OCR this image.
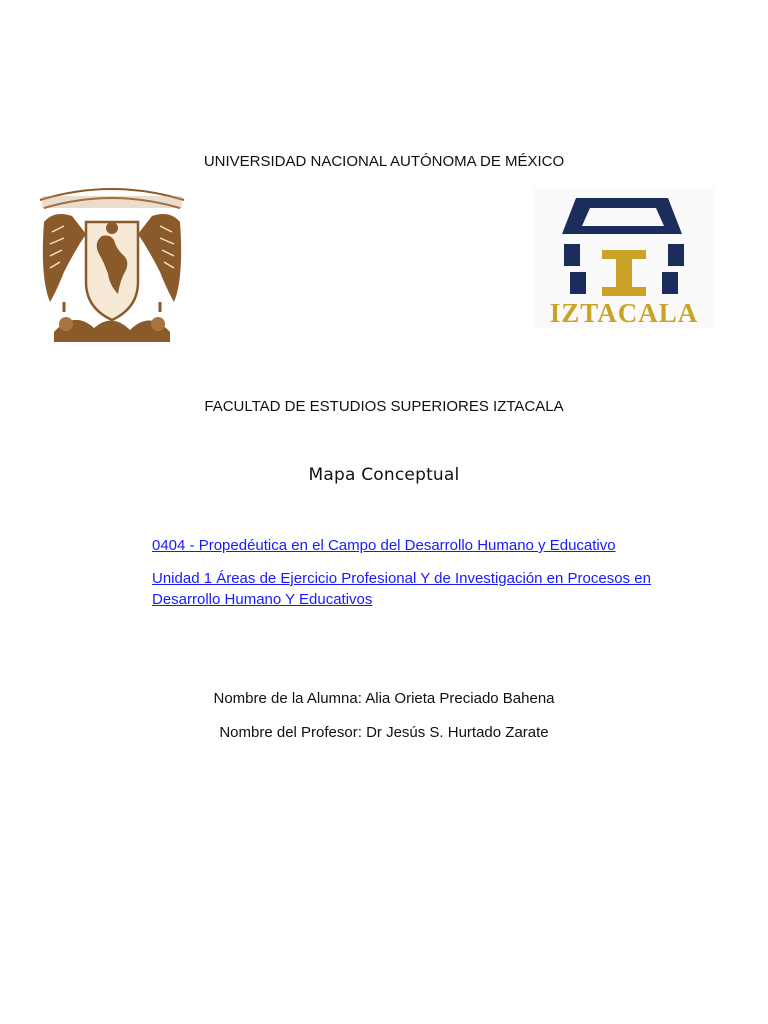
UNIVERSIDAD NACIONAL AUTÓNOMA DE MÉXICO

IZTACALA

FACULTAD DE ESTUDIOS SUPERIORES IZTACALA

Mapa Conceptual

0404 - Propedéutica en el Campo del Desarrollo Humano y Educativo
Unidad 1 Áreas de Ejercicio Profesional Y de Investigación en Procesos en Desarrollo Humano Y Educativos

Nombre de la Alumna: Alia Orieta Preciado Bahena

Nombre del Profesor: Dr Jesús S. Hurtado Zarate
